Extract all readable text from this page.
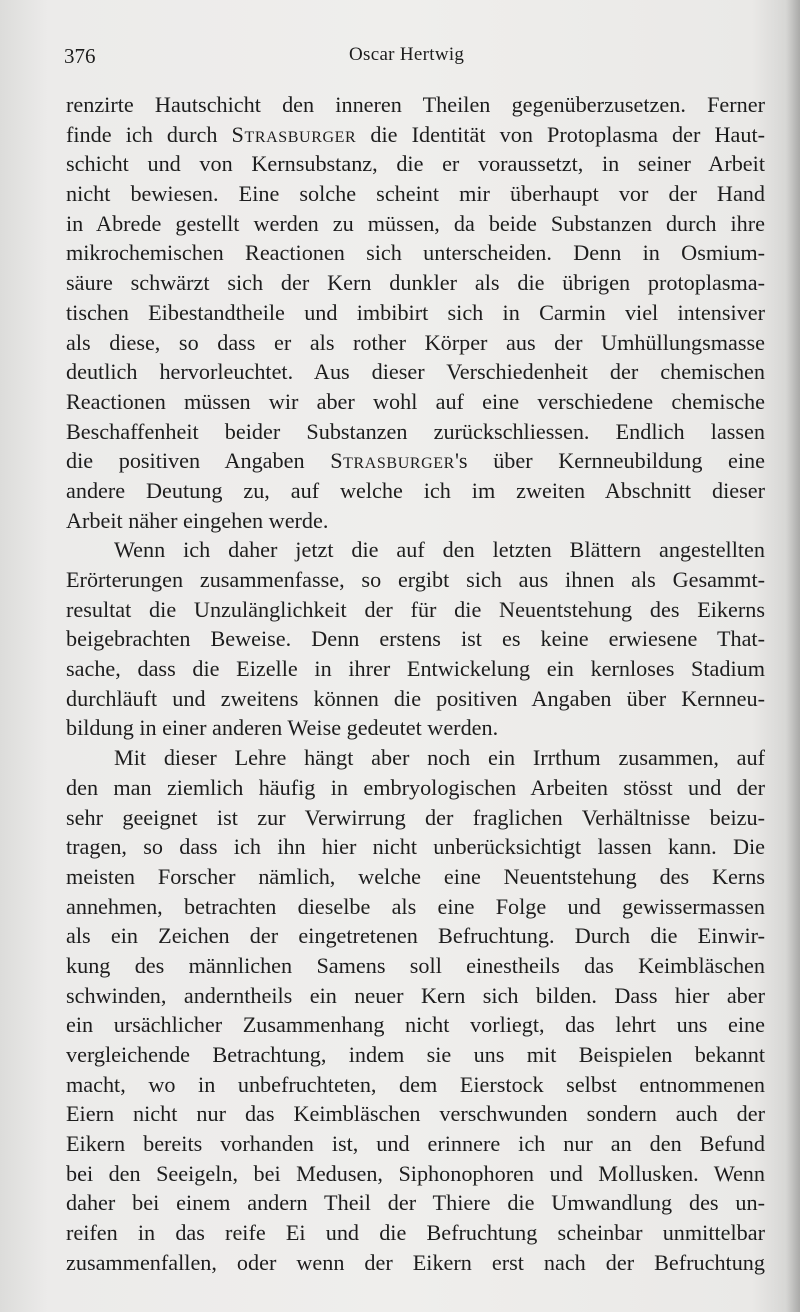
376	Oscar Hertwig
renzirte Hautschicht den inneren Theilen gegenüberzusetzen. Ferner
finde ich durch Strasburger die Identität von Protoplasma der Haut-
schicht und von Kernsubstanz, die er voraussetzt, in seiner Arbeit
nicht bewiesen. Eine solche scheint mir überhaupt vor der Hand
in Abrede gestellt werden zu müssen, da beide Substanzen durch ihre
mikrochemischen Reactionen sich unterscheiden. Denn in Osmium-
säure schwärzt sich der Kern dunkler als die übrigen protoplasma-
tischen Eibestandtheile und imbibirt sich in Carmin viel intensiver
als diese, so dass er als rother Körper aus der Umhüllungsmasse
deutlich hervorleuchtet. Aus dieser Verschiedenheit der chemischen
Reactionen müssen wir aber wohl auf eine verschiedene chemische
Beschaffenheit beider Substanzen zurückschliessen. Endlich lassen
die positiven Angaben Strasburger's über Kernneubildung eine
andere Deutung zu, auf welche ich im zweiten Abschnitt dieser
Arbeit näher eingehen werde.
Wenn ich daher jetzt die auf den letzten Blättern angestellten
Erörterungen zusammenfasse, so ergibt sich aus ihnen als Gesammt-
resultat die Unzulänglichkeit der für die Neuentstehung des Eikerns
beigebrachten Beweise. Denn erstens ist es keine erwiesene That-
sache, dass die Eizelle in ihrer Entwickelung ein kernloses Stadium
durchläuft und zweitens können die positiven Angaben über Kernneu-
bildung in einer anderen Weise gedeutet werden.
Mit dieser Lehre hängt aber noch ein Irrthum zusammen, auf
den man ziemlich häufig in embryologischen Arbeiten stösst und der
sehr geeignet ist zur Verwirrung der fraglichen Verhältnisse beizu-
tragen, so dass ich ihn hier nicht unberücksichtigt lassen kann. Die
meisten Forscher nämlich, welche eine Neuentstehung des Kerns
annehmen, betrachten dieselbe als eine Folge und gewissermassen
als ein Zeichen der eingetretenen Befruchtung. Durch die Einwir-
kung des männlichen Samens soll einestheils das Keimbläschen
schwinden, anderntheils ein neuer Kern sich bilden. Dass hier aber
ein ursächlicher Zusammenhang nicht vorliegt, das lehrt uns eine
vergleichende Betrachtung, indem sie uns mit Beispielen bekannt
macht, wo in unbefruchteten, dem Eierstock selbst entnommenen
Eiern nicht nur das Keimbläschen verschwunden sondern auch der
Eikern bereits vorhanden ist, und erinnere ich nur an den Befund
bei den Seeigeln, bei Medusen, Siphonophoren und Mollusken. Wenn
daher bei einem andern Theil der Thiere die Umwandlung des un-
reifen in das reife Ei und die Befruchtung scheinbar unmittelbar
zusammenfallen, oder wenn der Eikern erst nach der Befruchtung
